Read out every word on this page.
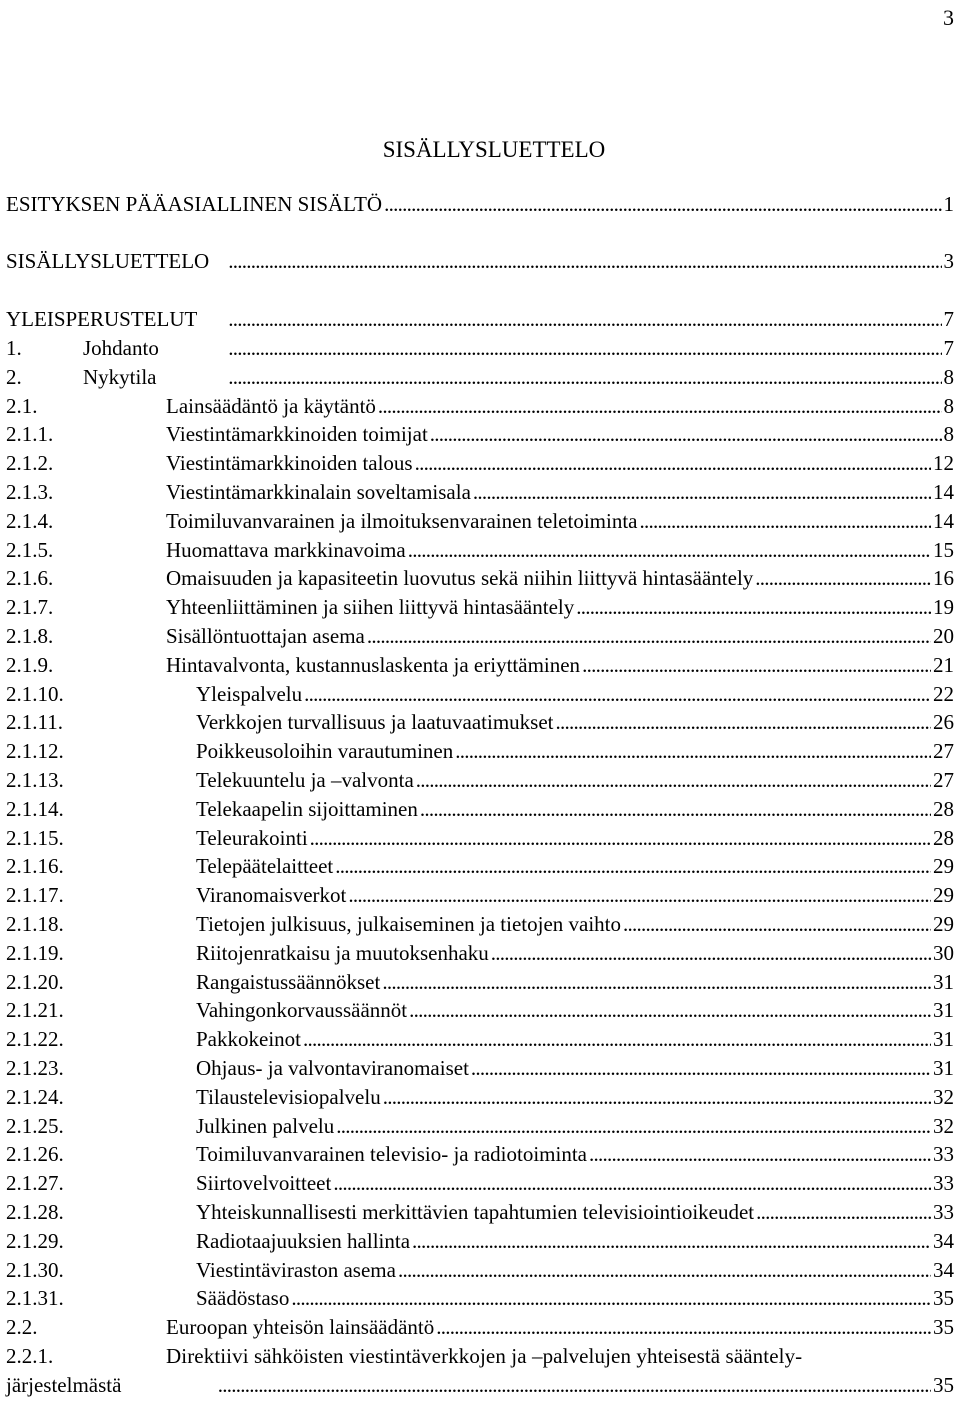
3
SISÄLLYSLUETTELO
ESITYKSEN PÄÄASIALLINEN SISÄLTÖ . . .	1
SISÄLLYSLUETTELO . . .	3
YLEISPERUSTELUT . . .	7
1.	Johdanto . . .	7
2.	Nykytila . . .	8
2.1.	Lainsäädäntö ja käytäntö . . .	8
2.1.1.	Viestintämarkkinoiden toimijat . . .	8
2.1.2.	Viestintämarkkinoiden talous . . .	12
2.1.3.	Viestintämarkkinalain soveltamisala . . .	14
2.1.4.	Toimiluvanvarainen ja ilmoituksenvarainen teletoiminta . . .	14
2.1.5.	Huomattava markkinavoima . . .	15
2.1.6.	Omaisuuden ja kapasiteetin luovutus sekä niihin liittyvä hintasääntely . . .	16
2.1.7.	Yhteenliittäminen ja siihen liittyvä hintasääntely . . .	19
2.1.8.	Sisällöntuottajan asema . . .	20
2.1.9.	Hintavalvonta, kustannuslaskenta ja eriyttäminen . . .	21
2.1.10.	Yleispalvelu . . .	22
2.1.11.	Verkkojen turvallisuus ja laatuvaatimukset . . .	26
2.1.12.	Poikkeusoloihin varautuminen . . .	27
2.1.13.	Telekuuntelu ja –valvonta . . .	27
2.1.14.	Telekaapelin sijoittaminen . . .	28
2.1.15.	Teleurakointi . . .	28
2.1.16.	Telepäätelaitteet . . .	29
2.1.17.	Viranomaisverkot . . .	29
2.1.18.	Tietojen julkisuus, julkaiseminen ja tietojen vaihto . . .	29
2.1.19.	Riitojenratkaisu ja muutoksenhaku . . .	30
2.1.20.	Rangaistussäännökset . . .	31
2.1.21.	Vahingonkorvaussäännöt . . .	31
2.1.22.	Pakkokeinot . . .	31
2.1.23.	Ohjaus- ja valvontaviranomaiset . . .	31
2.1.24.	Tilaustelevisiopalvelu . . .	32
2.1.25.	Julkinen palvelu . . .	32
2.1.26.	Toimiluvanvarainen televisio- ja radiotoiminta . . .	33
2.1.27.	Siirtovelvoitteet . . .	33
2.1.28.	Yhteiskunnallisesti merkittävien tapahtumien televisiointioikeudet . . .	33
2.1.29.	Radiotaajuuksien hallinta . . .	34
2.1.30.	Viestintäviraston asema . . .	34
2.1.31.	Säädöstaso . . .	35
2.2.	Euroopan yhteisön lainsäädäntö . . .	35
2.2.1.	Direktiivi sähköisten viestintäverkkojen ja –palvelujen yhteisestä sääntely-
järjestelmästä . . .	35
